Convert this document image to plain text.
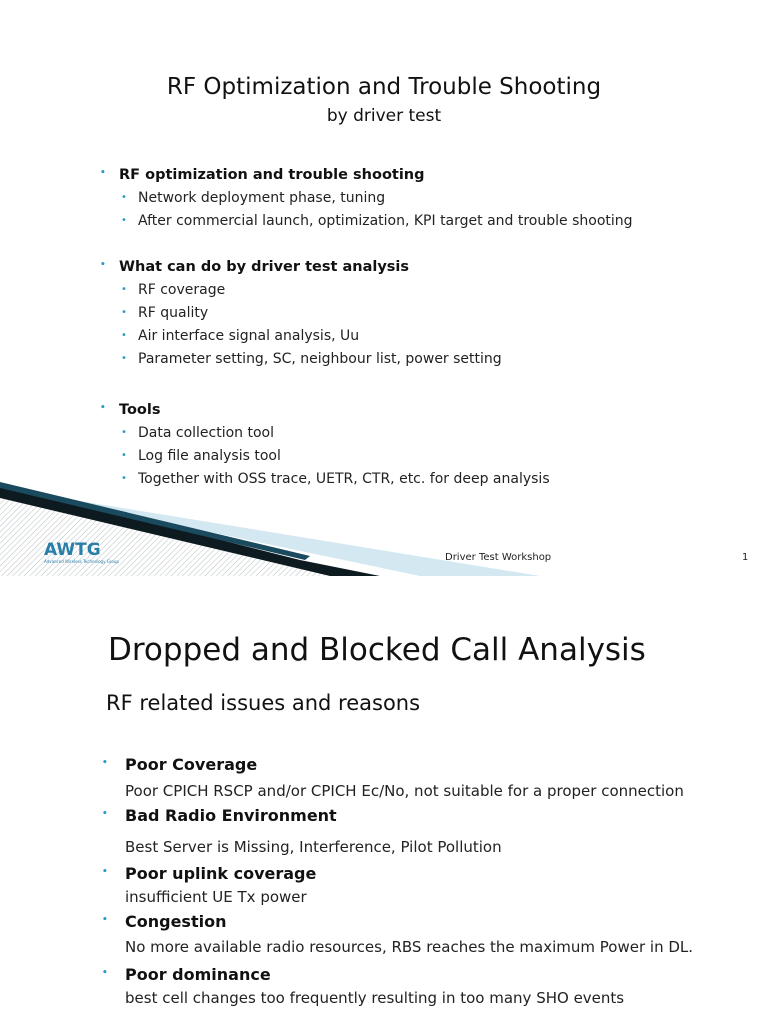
RF Optimization and Trouble Shooting
by driver test
• RF optimization and trouble shooting
• Network deployment phase, tuning
• After commercial launch, optimization, KPI target and trouble shooting
• What can do by driver test analysis
• RF coverage
• RF quality
• Air interface signal analysis, Uu
• Parameter setting, SC, neighbour list, power setting
• Tools
• Data collection tool
• Log file analysis tool
• Together with OSS trace, UETR, CTR, etc. for deep analysis
AWTG
Advanced Wireless Technology Group	Driver Test Workshop	1
Dropped and Blocked Call Analysis
RF related issues and reasons
• Poor Coverage
Poor CPICH RSCP and/or CPICH Ec/No, not suitable for a proper connection
• Bad Radio Environment
Best Server is Missing, Interference, Pilot Pollution
• Poor uplink coverage
insufficient UE Tx power
• Congestion
No more available radio resources, RBS reaches the maximum Power in DL.
• Poor dominance
best cell changes too frequently resulting in too many SHO events
